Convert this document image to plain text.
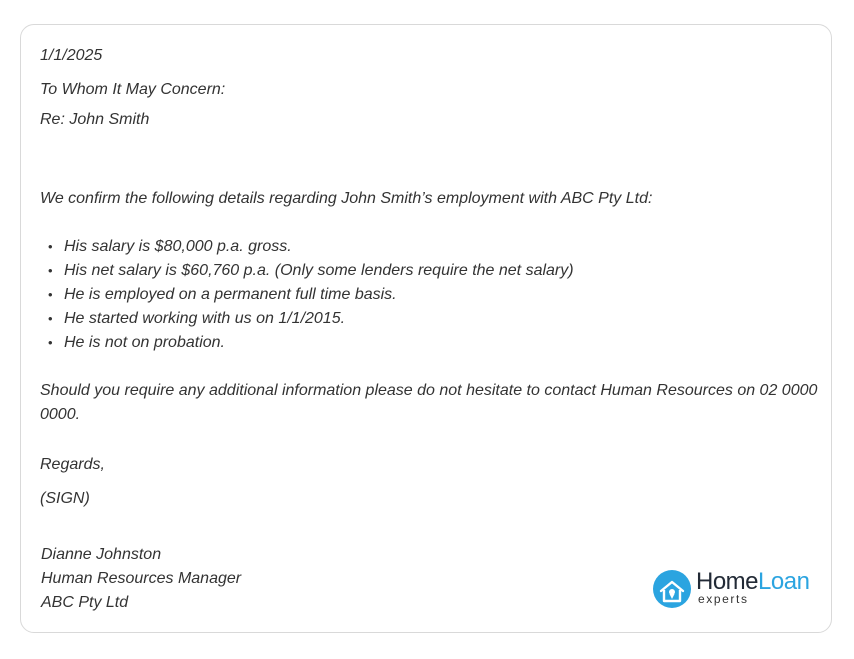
1/1/2025

To Whom It May Concern:

Re: John Smith

We confirm the following details regarding John Smith’s employment with ABC Pty Ltd:

• His salary is $80,000 p.a. gross.
• His net salary is $60,760 p.a. (Only some lenders require the net salary)
• He is employed on a permanent full time basis.
• He started working with us on 1/1/2015.
• He is not on probation.

Should you require any additional information please do not hesitate to contact Human Resources on 02 0000 0000.

Regards,

(SIGN)

Dianne Johnston

Human Resources Manager

ABC Pty Ltd

HomeLoan
experts
